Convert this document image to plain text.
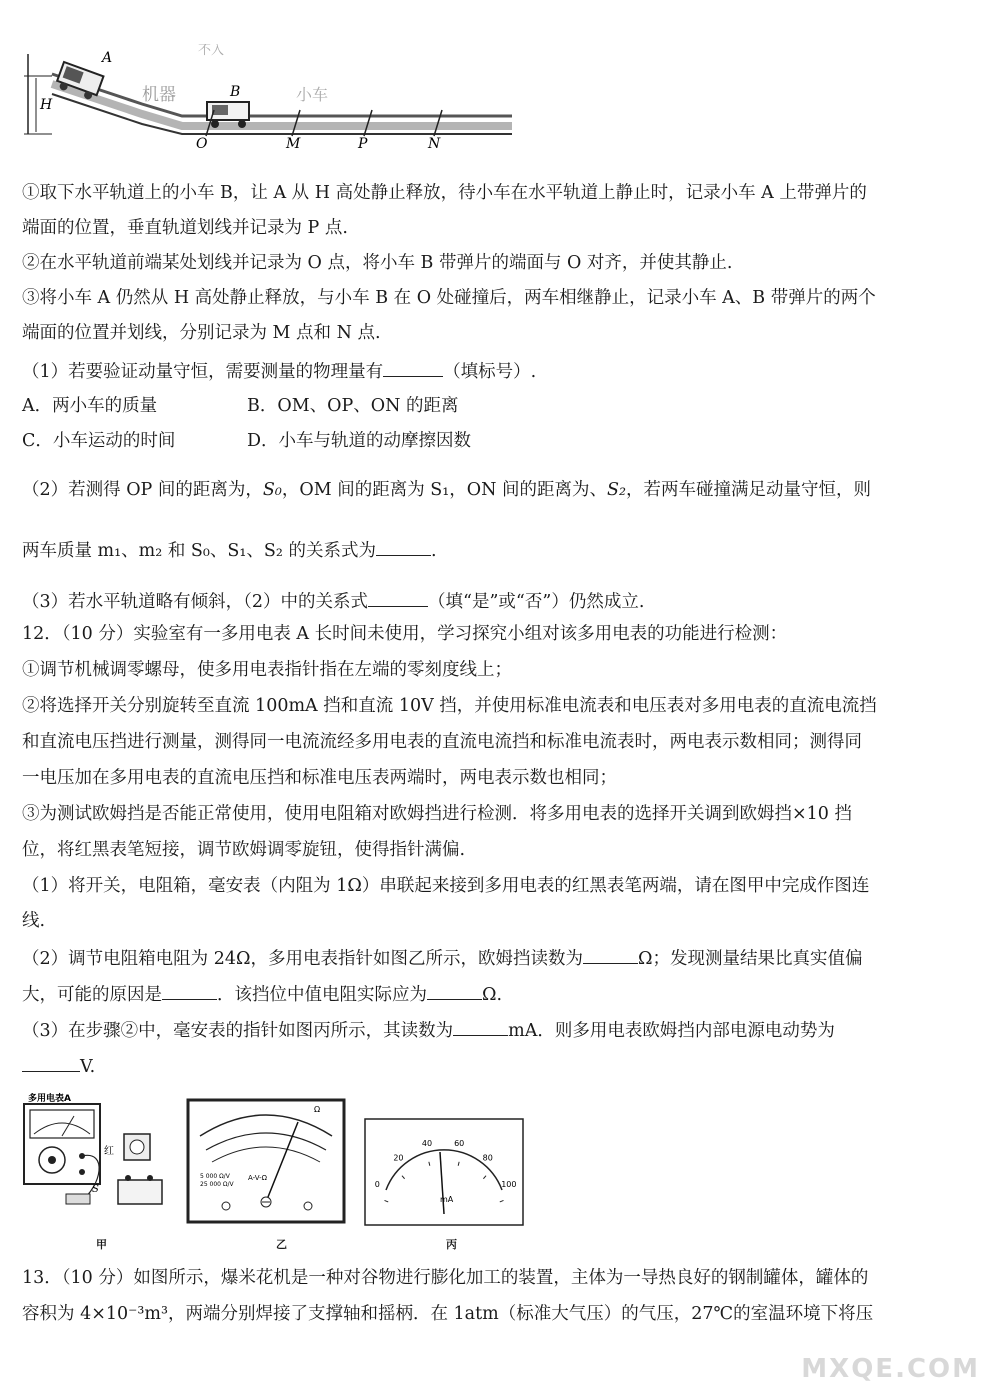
A
H
B
O	M	P	N
不入
机器	小车
①取下水平轨道上的小车 B，让 A 从 H 高处静止释放，待小车在水平轨道上静止时，记录小车 A 上带弹片的
端面的位置，垂直轨道划线并记录为 P 点.
②在水平轨道前端某处划线并记录为 O 点，将小车 B 带弹片的端面与 O 对齐，并使其静止.
③将小车 A 仍然从 H 高处静止释放，与小车 B 在 O 处碰撞后，两车相继静止，记录小车 A、B 带弹片的两个
端面的位置并划线，分别记录为 M 点和 N 点.
（1）若要验证动量守恒，需要测量的物理量有	（填标号）.
A．两小车的质量	B．OM、OP、ON 的距离
C．小车运动的时间	D．小车与轨道的动摩擦因数
（2）若测得 OP 间的距离为，S₀，OM 间的距离为 S₁，ON 间的距离为、S₂，若两车碰撞满足动量守恒，则
两车质量 m₁、m₂ 和 S₀、S₁、S₂ 的关系式为	.
（3）若水平轨道略有倾斜，（2）中的关系式	（填“是”或“否”）仍然成立.
12．（10 分）实验室有一多用电表 A 长时间未使用，学习探究小组对该多用电表的功能进行检测：
①调节机械调零螺母，使多用电表指针指在左端的零刻度线上；
②将选择开关分别旋转至直流 100mA 挡和直流 10V 挡，并使用标准电流表和电压表对多用电表的直流电流挡
和直流电压挡进行测量，测得同一电流流经多用电表的直流电流挡和标准电流表时，两电表示数相同；测得同
一电压加在多用电表的直流电压挡和标准电压表两端时，两电表示数也相同；
③为测试欧姆挡是否能正常使用，使用电阻箱对欧姆挡进行检测．将多用电表的选择开关调到欧姆挡×10 挡
位，将红黑表笔短接，调节欧姆调零旋钮，使得指针满偏.
（1）将开关，电阻箱，毫安表（内阻为 1Ω）串联起来接到多用电表的红黑表笔两端，请在图甲中完成作图连
线.
（2）调节电阻箱电阻为 24Ω，多用电表指针如图乙所示，欧姆挡读数为	Ω；发现测量结果比真实值偏
大，可能的原因是	．该挡位中值电阻实际应为	Ω.
（3）在步骤②中，毫安表的指针如图丙所示，其读数为	mA．则多用电表欧姆挡内部电源电动势为
V.
多用电表A
红
S
甲
Ω
A-V-Ω
5 000 Ω/V
25 000 Ω/V
乙
0
20
40	60
80
100
mA
丙
13．（10 分）如图所示，爆米花机是一种对谷物进行膨化加工的装置，主体为一导热良好的钢制罐体，罐体的
容积为 4×10⁻³m³，两端分别焊接了支撑轴和摇柄．在 1atm（标准大气压）的气压，27℃的室温环境下将压
MXQE.COM
